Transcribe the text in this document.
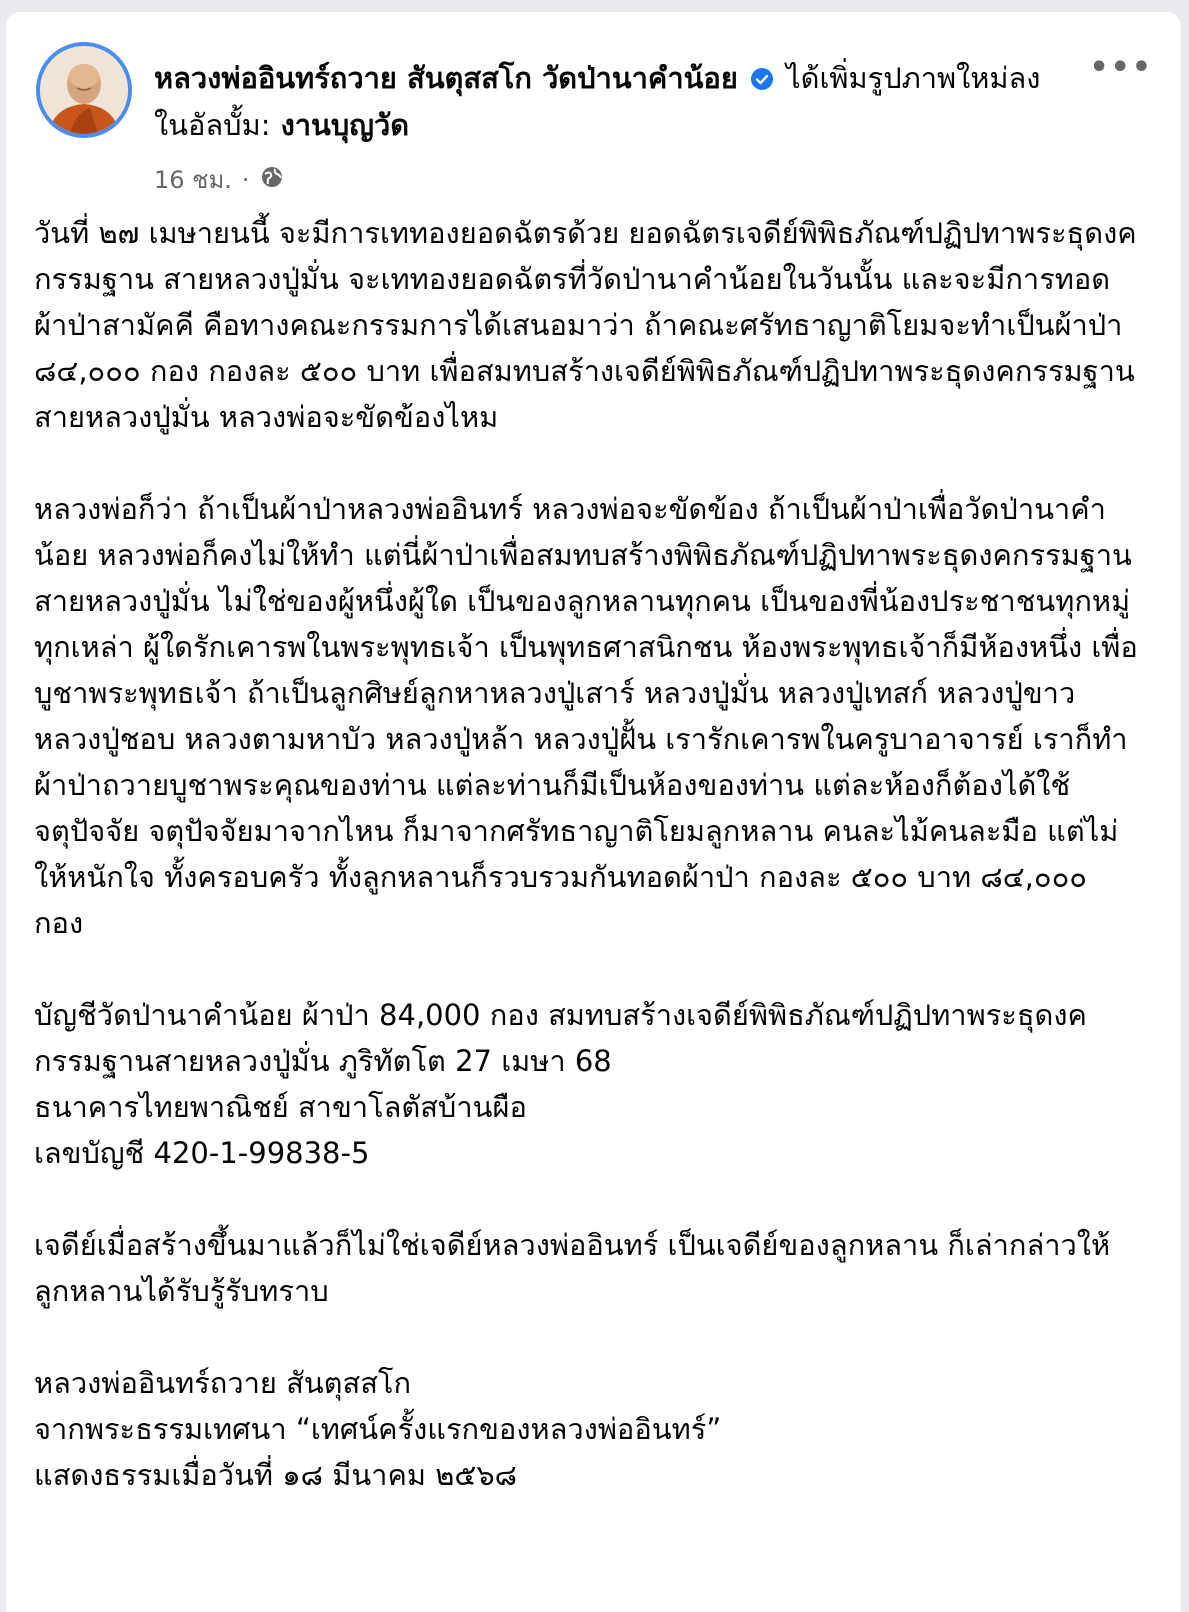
หลวงพ่ออินทร์ถวาย สันตุสสโก วัดป่านาคำน้อย ได้เพิ่มรูปภาพใหม่ลงในอัลบั้ม: งานบุญวัด
•••
16 ชม. ·

วันที่ ๒๗ เมษายนนี้ จะมีการเททองยอดฉัตรด้วย ยอดฉัตรเจดีย์พิพิธภัณฑ์ปฏิปทาพระธุดงคกรรมฐาน สายหลวงปู่มั่น จะเททองยอดฉัตรที่วัดป่านาคำน้อยในวันนั้น และจะมีการทอดผ้าป่าสามัคคี คือทางคณะกรรมการได้เสนอมาว่า ถ้าคณะศรัทธาญาติโยมจะทำเป็นผ้าป่า ๘๔,๐๐๐ กอง กองละ ๕๐๐ บาท เพื่อสมทบสร้างเจดีย์พิพิธภัณฑ์ปฏิปทาพระธุดงคกรรมฐาน สายหลวงปู่มั่น หลวงพ่อจะขัดข้องไหม

หลวงพ่อก็ว่า ถ้าเป็นผ้าป่าหลวงพ่ออินทร์ หลวงพ่อจะขัดข้อง ถ้าเป็นผ้าป่าเพื่อวัดป่านาคำน้อย หลวงพ่อก็คงไม่ให้ทำ แต่นี่ผ้าป่าเพื่อสมทบสร้างพิพิธภัณฑ์ปฏิปทาพระธุดงคกรรมฐานสายหลวงปู่มั่น ไม่ใช่ของผู้หนึ่งผู้ใด เป็นของลูกหลานทุกคน เป็นของพี่น้องประชาชนทุกหมู่ทุกเหล่า ผู้ใดรักเคารพในพระพุทธเจ้า เป็นพุทธศาสนิกชน ห้องพระพุทธเจ้าก็มีห้องหนึ่ง เพื่อบูชาพระพุทธเจ้า ถ้าเป็นลูกศิษย์ลูกหาหลวงปู่เสาร์ หลวงปู่มั่น หลวงปู่เทสก์ หลวงปู่ขาว หลวงปู่ชอบ หลวงตามหาบัว หลวงปู่หล้า หลวงปู่ฝั้น เรารักเคารพในครูบาอาจารย์ เราก็ทำผ้าป่าถวายบูชาพระคุณของท่าน แต่ละท่านก็มีเป็นห้องของท่าน แต่ละห้องก็ต้องได้ใช้จตุปัจจัย จตุปัจจัยมาจากไหน ก็มาจากศรัทธาญาติโยมลูกหลาน คนละไม้คนละมือ แต่ไม่ให้หนักใจ ทั้งครอบครัว ทั้งลูกหลานก็รวบรวมกันทอดผ้าป่า กองละ ๕๐๐ บาท ๘๔,๐๐๐ กอง

บัญชีวัดป่านาคำน้อย ผ้าป่า 84,000 กอง สมทบสร้างเจดีย์พิพิธภัณฑ์ปฏิปทาพระธุดงคกรรมฐานสายหลวงปู่มั่น ภูริทัตโต 27 เมษา 68
ธนาคารไทยพาณิชย์ สาขาโลตัสบ้านผือ
เลขบัญชี 420-1-99838-5

เจดีย์เมื่อสร้างขึ้นมาแล้วก็ไม่ใช่เจดีย์หลวงพ่ออินทร์ เป็นเจดีย์ของลูกหลาน ก็เล่ากล่าวให้ลูกหลานได้รับรู้รับทราบ

หลวงพ่ออินทร์ถวาย สันตุสสโก
จากพระธรรมเทศนา “เทศน์ครั้งแรกของหลวงพ่ออินทร์”
แสดงธรรมเมื่อวันที่ ๑๘ มีนาคม ๒๕๖๘
